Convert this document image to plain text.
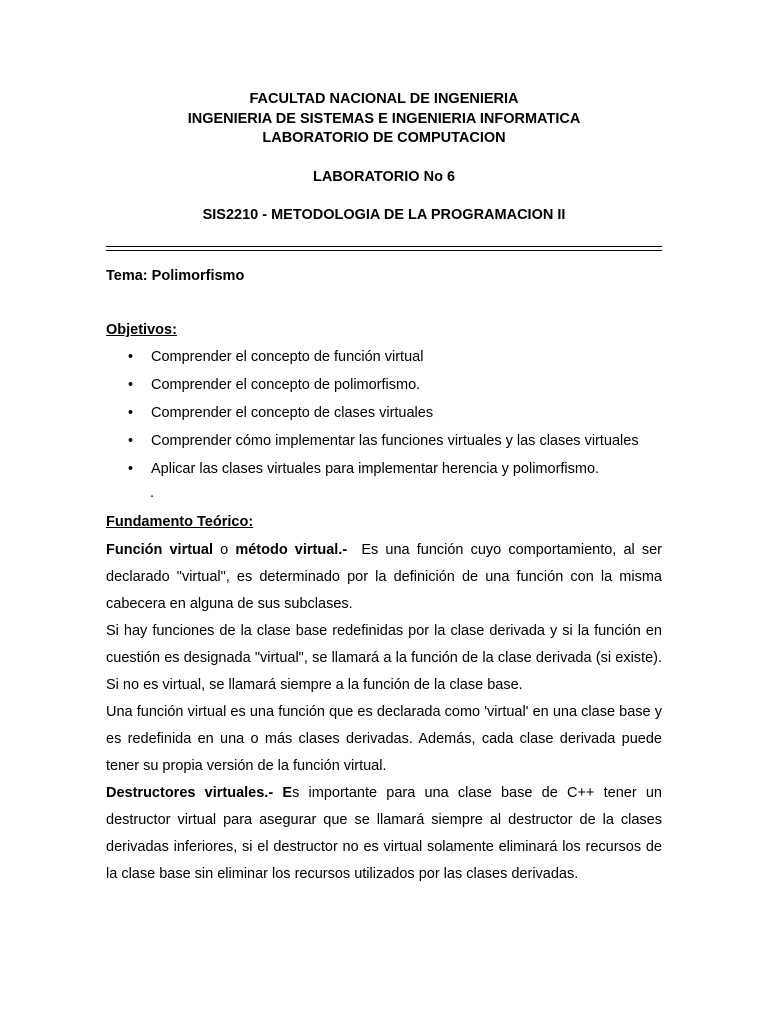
FACULTAD NACIONAL DE INGENIERIA
INGENIERIA DE SISTEMAS E INGENIERIA INFORMATICA
LABORATORIO DE COMPUTACION
LABORATORIO No 6
SIS2210 - METODOLOGIA DE LA PROGRAMACION II
Tema: Polimorfismo
Objetivos:
• Comprender el concepto de función virtual
• Comprender el concepto de polimorfismo.
• Comprender el concepto de clases virtuales
• Comprender cómo implementar las funciones virtuales y las clases virtuales
• Aplicar las clases virtuales para implementar herencia y polimorfismo.
.
Fundamento Teórico:

Función virtual o método virtual.-  Es una función cuyo comportamiento, al ser declarado "virtual", es determinado por la definición de una función con la misma cabecera en alguna de sus subclases.

Si hay funciones de la clase base redefinidas por la clase derivada y si la función en cuestión es designada "virtual", se llamará a la función de la clase derivada (si existe). Si no es virtual, se llamará siempre a la función de la clase base.

Una función virtual es una función que es declarada como 'virtual' en una clase base y es redefinida en una o más clases derivadas. Además, cada clase derivada puede tener su propia versión de la función virtual.

Destructores virtuales.- Es importante para una clase base de C++ tener un destructor virtual para asegurar que se llamará siempre al destructor de la clases derivadas inferiores, si el destructor no es virtual solamente eliminará los recursos de la clase base sin eliminar los recursos utilizados por las clases derivadas.
